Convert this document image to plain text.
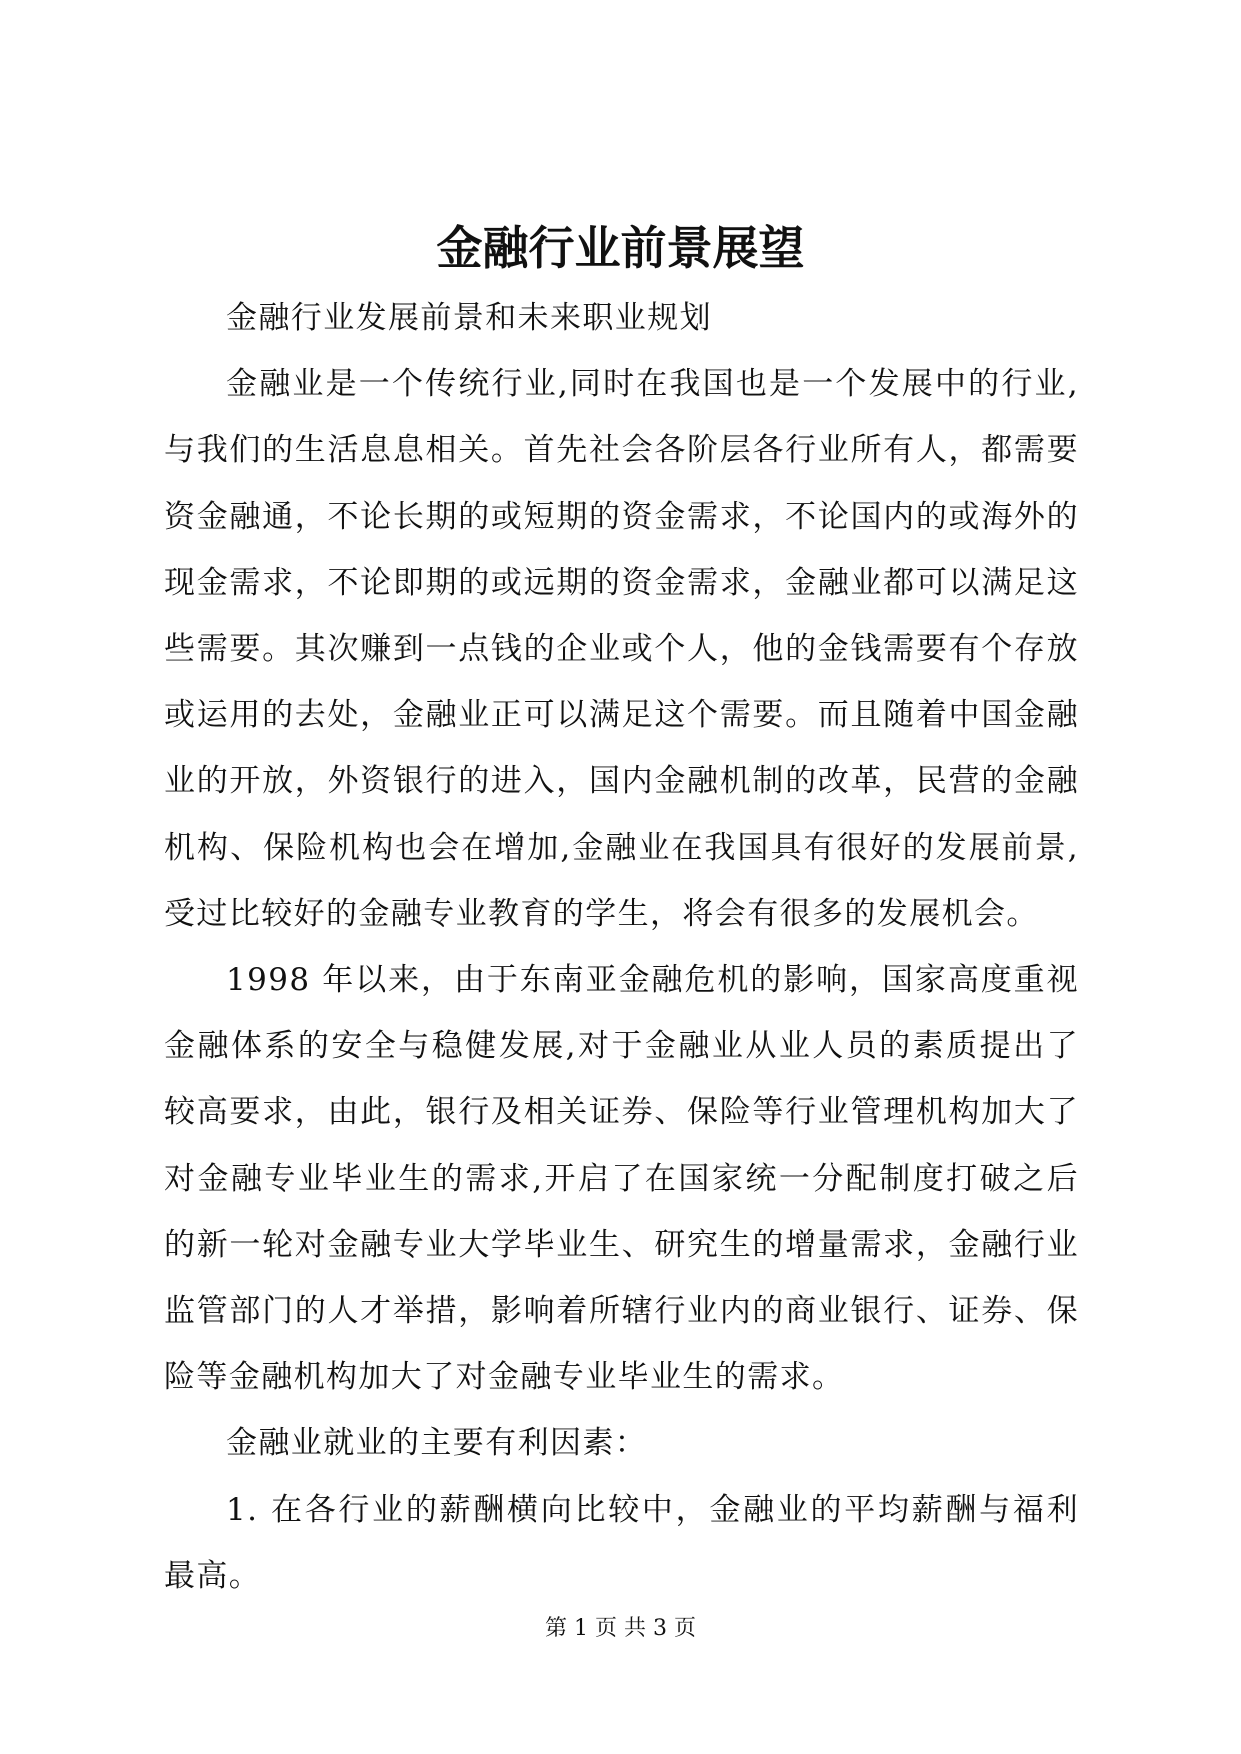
金融行业前景展望

金融行业发展前景和未来职业规划

金融业是一个传统行业,同时在我国也是一个发展中的行业,与我们的生活息息相关。首先社会各阶层各行业所有人，都需要资金融通，不论长期的或短期的资金需求，不论国内的或海外的现金需求，不论即期的或远期的资金需求，金融业都可以满足这些需要。其次赚到一点钱的企业或个人，他的金钱需要有个存放或运用的去处，金融业正可以满足这个需要。而且随着中国金融业的开放，外资银行的进入，国内金融机制的改革，民营的金融机构、保险机构也会在增加,金融业在我国具有很好的发展前景,受过比较好的金融专业教育的学生，将会有很多的发展机会。

1998 年以来，由于东南亚金融危机的影响，国家高度重视金融体系的安全与稳健发展,对于金融业从业人员的素质提出了较高要求，由此，银行及相关证券、保险等行业管理机构加大了对金融专业毕业生的需求,开启了在国家统一分配制度打破之后的新一轮对金融专业大学毕业生、研究生的增量需求，金融行业监管部门的人才举措，影响着所辖行业内的商业银行、证券、保险等金融机构加大了对金融专业毕业生的需求。

金融业就业的主要有利因素：

1. 在各行业的薪酬横向比较中，金融业的平均薪酬与福利最高。

第 1 页 共 3 页
